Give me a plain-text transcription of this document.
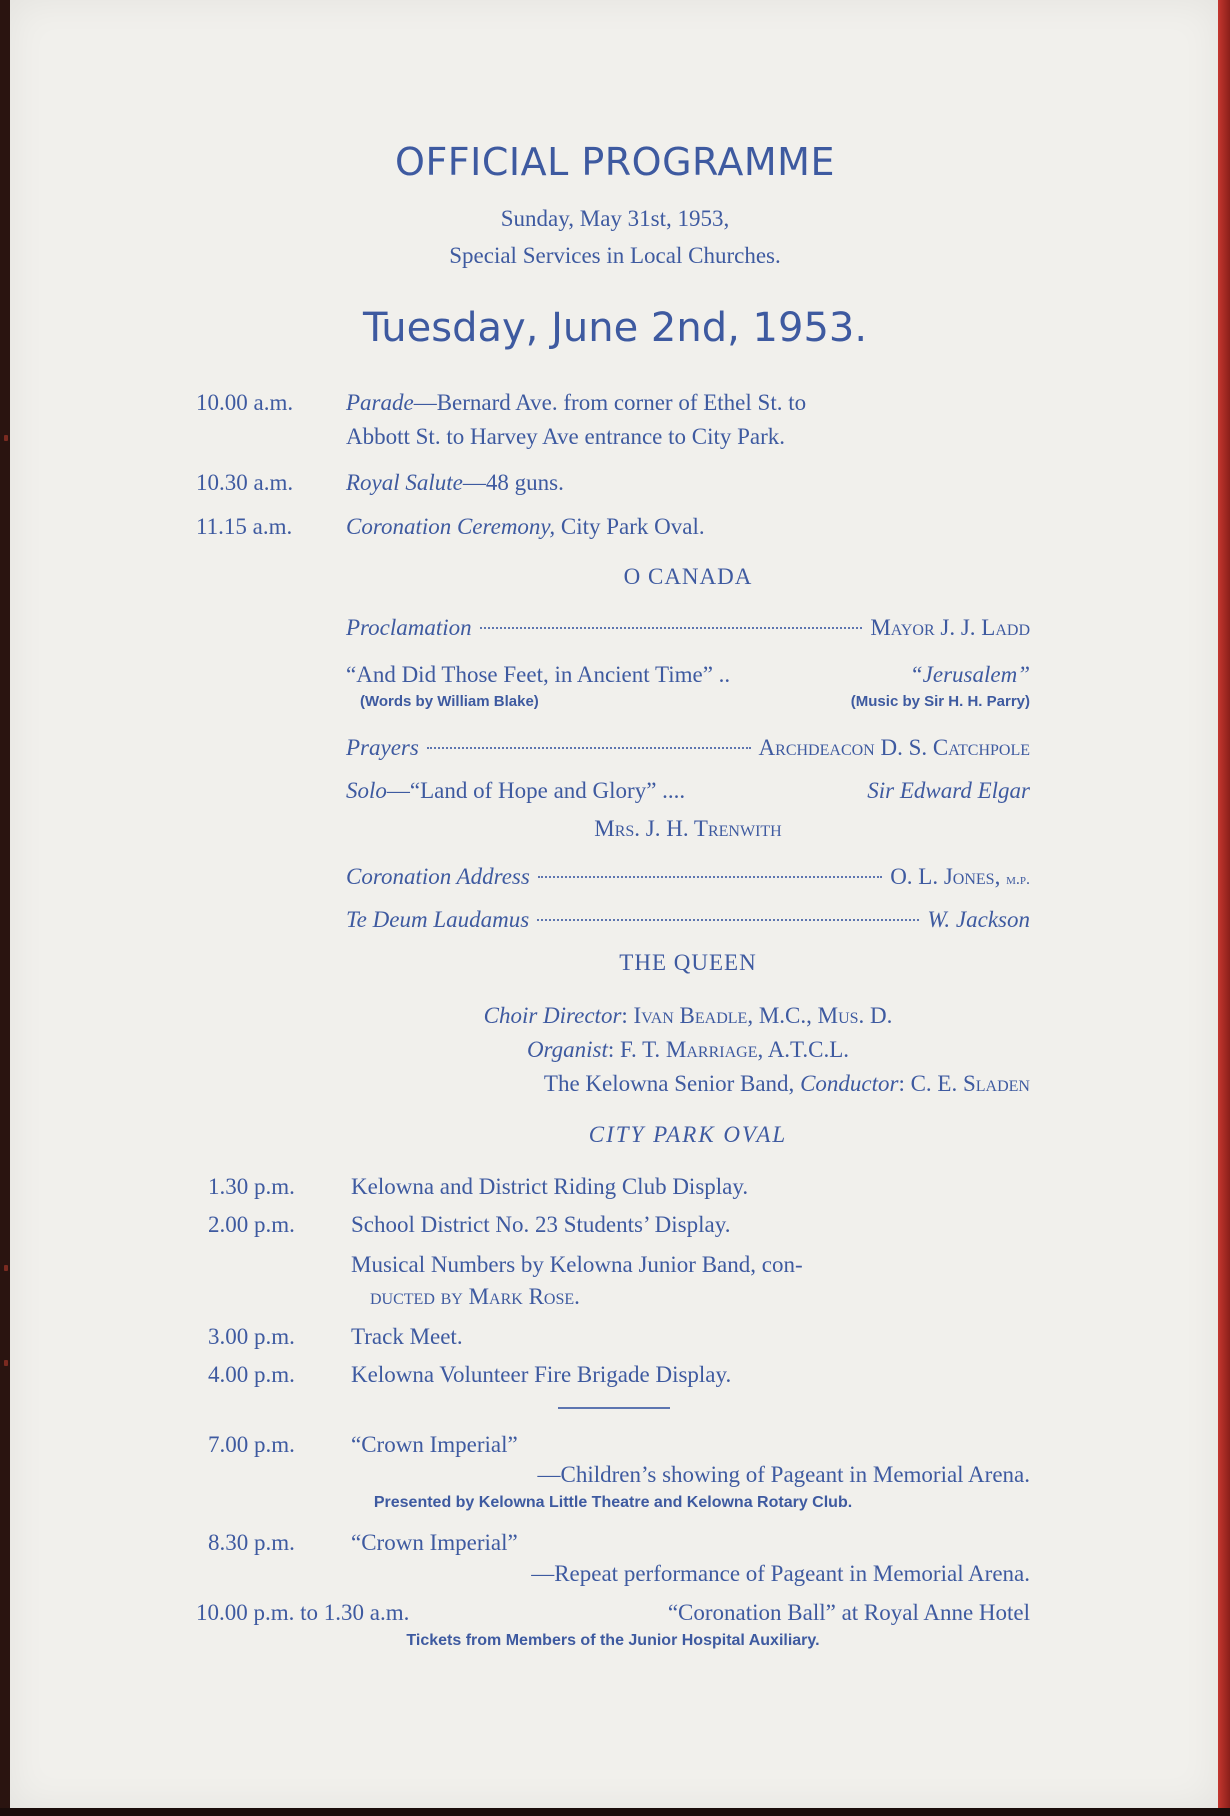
OFFICIAL PROGRAMME
Sunday, May 31st, 1953,
Special Services in Local Churches.
Tuesday, June 2nd, 1953.
10.00 a.m. Parade—Bernard Ave. from corner of Ethel St. to
Abbott St. to Harvey Ave entrance to City Park.
10.30 a.m. Royal Salute—48 guns.
11.15 a.m. Coronation Ceremony, City Park Oval.
O CANADA
Proclamation	Mayor J. J. Ladd
“And Did Those Feet, in Ancient Time” ..	“Jerusalem”
(Words by William Blake)	(Music by Sir H. H. Parry)
Prayers	Archdeacon D. S. Catchpole
Solo—“Land of Hope and Glory” ....	Sir Edward Elgar
Mrs. J. H. Trenwith
Coronation Address	O. L. Jones,
m.p.
Te Deum Laudamus	W. Jackson
THE QUEEN
Choir Director: Ivan Beadle, M.C., Mus. D.
Organist: F. T. Marriage, A.T.C.L.
The Kelowna Senior Band, Conductor: C. E. Sladen
CITY PARK OVAL
1.30 p.m. Kelowna and District Riding Club Display.
2.00 p.m. School District No. 23 Students’ Display.
Musical Numbers by Kelowna Junior Band, con-
ducted by Mark Rose.
3.00 p.m. Track Meet.
4.00 p.m. Kelowna Volunteer Fire Brigade Display.
7.00 p.m. “Crown Imperial”
—Children’s showing of Pageant in Memorial Arena.
Presented by Kelowna Little Theatre and Kelowna Rotary Club.
8.30 p.m. “Crown Imperial”
—Repeat performance of Pageant in Memorial Arena.
10.00 p.m. to 1.30 a.m.	“Coronation Ball” at Royal Anne Hotel
Tickets from Members of the Junior Hospital Auxiliary.
